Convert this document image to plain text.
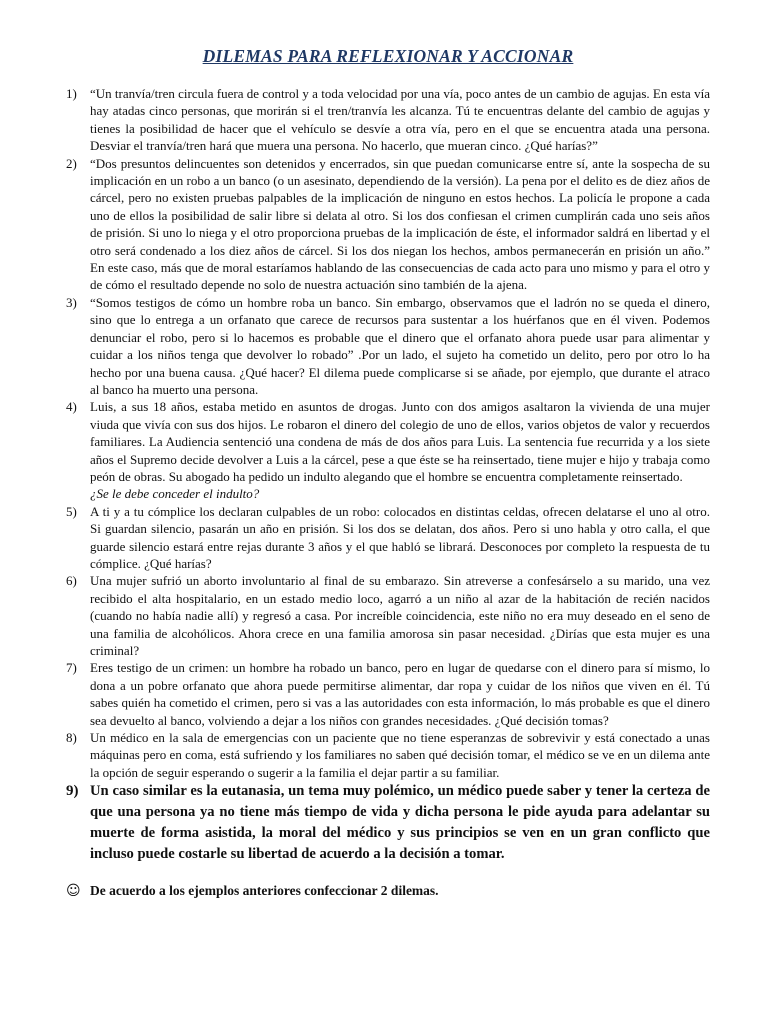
DILEMAS PARA REFLEXIONAR Y ACCIONAR
1)	“Un tranvía/tren circula fuera de control y a toda velocidad por una vía, poco antes de un cambio de agujas. En esta vía hay atadas cinco personas, que morirán si el tren/tranvía les alcanza. Tú te encuentras delante del cambio de agujas y tienes la posibilidad de hacer que el vehículo se desvíe a otra vía, pero en el que se encuentra atada una persona. Desviar el tranvía/tren hará que muera una persona. No hacerlo, que mueran cinco. ¿Qué harías?”
2)	“Dos presuntos delincuentes son detenidos y encerrados, sin que puedan comunicarse entre sí, ante la sospecha de su implicación en un robo a un banco (o un asesinato, dependiendo de la versión). La pena por el delito es de diez años de cárcel, pero no existen pruebas palpables de la implicación de ninguno en estos hechos. La policía le propone a cada uno de ellos la posibilidad de salir libre si delata al otro. Si los dos confiesan el crimen cumplirán cada uno seis años de prisión. Si uno lo niega y el otro proporciona pruebas de la implicación de éste, el informador saldrá en libertad y el otro será condenado a los diez años de cárcel. Si los dos niegan los hechos, ambos permanecerán en prisión un año.” En este caso, más que de moral estaríamos hablando de las consecuencias de cada acto para uno mismo y para el otro y de cómo el resultado depende no solo de nuestra actuación sino también de la ajena.
3)	“Somos testigos de cómo un hombre roba un banco. Sin embargo, observamos que el ladrón no se queda el dinero, sino que lo entrega a un orfanato que carece de recursos para sustentar a los huérfanos que en él viven. Podemos denunciar el robo, pero si lo hacemos es probable que el dinero que el orfanato ahora puede usar para alimentar y cuidar a los niños tenga que devolver lo robado” .Por un lado, el sujeto ha cometido un delito, pero por otro lo ha hecho por una buena causa. ¿Qué hacer? El dilema puede complicarse si se añade, por ejemplo, que durante el atraco al banco ha muerto una persona.
4)	Luis, a sus 18 años, estaba metido en asuntos de drogas. Junto con dos amigos asaltaron la vivienda de una mujer viuda que vivía con sus dos hijos. Le robaron el dinero del colegio de uno de ellos, varios objetos de valor y recuerdos familiares. La Audiencia sentenció una condena de más de dos años para Luis. La sentencia fue recurrida y a los siete años el Supremo decide devolver a Luis a la cárcel, pese a que éste se ha reinsertado, tiene mujer e hijo y trabaja como peón de obras. Su abogado ha pedido un indulto alegando que el hombre se encuentra completamente reinsertado.
¿Se le debe conceder el indulto?
5)	A ti y a tu cómplice los declaran culpables de un robo: colocados en distintas celdas, ofrecen delatarse el uno al otro. Si guardan silencio, pasarán un año en prisión. Si los dos se delatan, dos años. Pero si uno habla y otro calla, el que guarde silencio estará entre rejas durante 3 años y el que habló se librará. Desconoces por completo la respuesta de tu cómplice. ¿Qué harías?
6)	Una mujer sufrió un aborto involuntario al final de su embarazo. Sin atreverse a confesárselo a su marido, una vez recibido el alta hospitalario, en un estado medio loco, agarró a un niño al azar de la habitación de recién nacidos (cuando no había nadie allí) y regresó a casa. Por increíble coincidencia, este niño no era muy deseado en el seno de una familia de alcohólicos. Ahora crece en una familia amorosa sin pasar necesidad. ¿Dirías que esta mujer es una criminal?
7)	Eres testigo de un crimen: un hombre ha robado un banco, pero en lugar de quedarse con el dinero para sí mismo, lo dona a un pobre orfanato que ahora puede permitirse alimentar, dar ropa y cuidar de los niños que viven en él. Tú sabes quién ha cometido el crimen, pero si vas a las autoridades con esta información, lo más probable es que el dinero sea devuelto al banco, volviendo a dejar a los niños con grandes necesidades. ¿Qué decisión tomas?
8)	Un médico en la sala de emergencias con un paciente que no tiene esperanzas de sobrevivir y está conectado a unas máquinas pero en coma, está sufriendo y los familiares no saben qué decisión tomar, el médico se ve en un dilema ante la opción de seguir esperando o sugerir a la familia el dejar partir a su familiar.
9) Un caso similar es la eutanasia, un tema muy polémico, un médico puede saber y tener la certeza de que una persona ya no tiene más tiempo de vida y dicha persona le pide ayuda para adelantar su muerte de forma asistida, la moral del médico y sus principios se ven en un gran conflicto que incluso puede costarle su libertad de acuerdo a la decisión a tomar.
☺ De acuerdo a los ejemplos anteriores confeccionar 2 dilemas.
